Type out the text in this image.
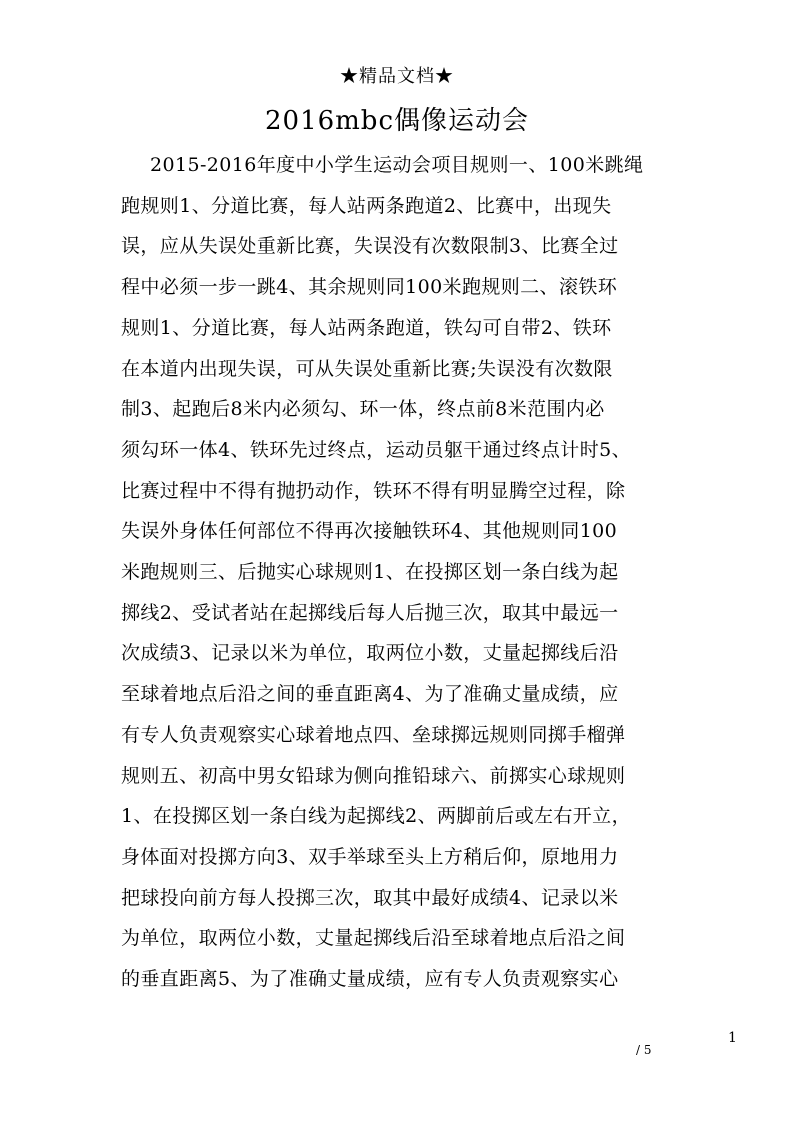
★精品文档★
2016mbc偶像运动会

2015-2016年度中小学生运动会项目规则一、100米跳绳

跑规则1、分道比赛，每人站两条跑道2、比赛中，出现失

误，应从失误处重新比赛，失误没有次数限制3、比赛全过

程中必须一步一跳4、其余规则同100米跑规则二、滚铁环

规则1、分道比赛，每人站两条跑道，铁勾可自带2、铁环

在本道内出现失误，可从失误处重新比赛;失误没有次数限

制3、起跑后8米内必须勾、环一体，终点前8米范围内必

须勾环一体4、铁环先过终点，运动员躯干通过终点计时5、

比赛过程中不得有抛扔动作，铁环不得有明显腾空过程，除

失误外身体任何部位不得再次接触铁环4、其他规则同100

米跑规则三、后抛实心球规则1、在投掷区划一条白线为起

掷线2、受试者站在起掷线后每人后抛三次，取其中最远一

次成绩3、记录以米为单位，取两位小数，丈量起掷线后沿

至球着地点后沿之间的垂直距离4、为了准确丈量成绩，应

有专人负责观察实心球着地点四、垒球掷远规则同掷手榴弹

规则五、初高中男女铅球为侧向推铅球六、前掷实心球规则

1、在投掷区划一条白线为起掷线2、两脚前后或左右开立，

身体面对投掷方向3、双手举球至头上方稍后仰，原地用力

把球投向前方每人投掷三次，取其中最好成绩4、记录以米

为单位，取两位小数，丈量起掷线后沿至球着地点后沿之间

的垂直距离5、为了准确丈量成绩，应有专人负责观察实心

1
/ 5
